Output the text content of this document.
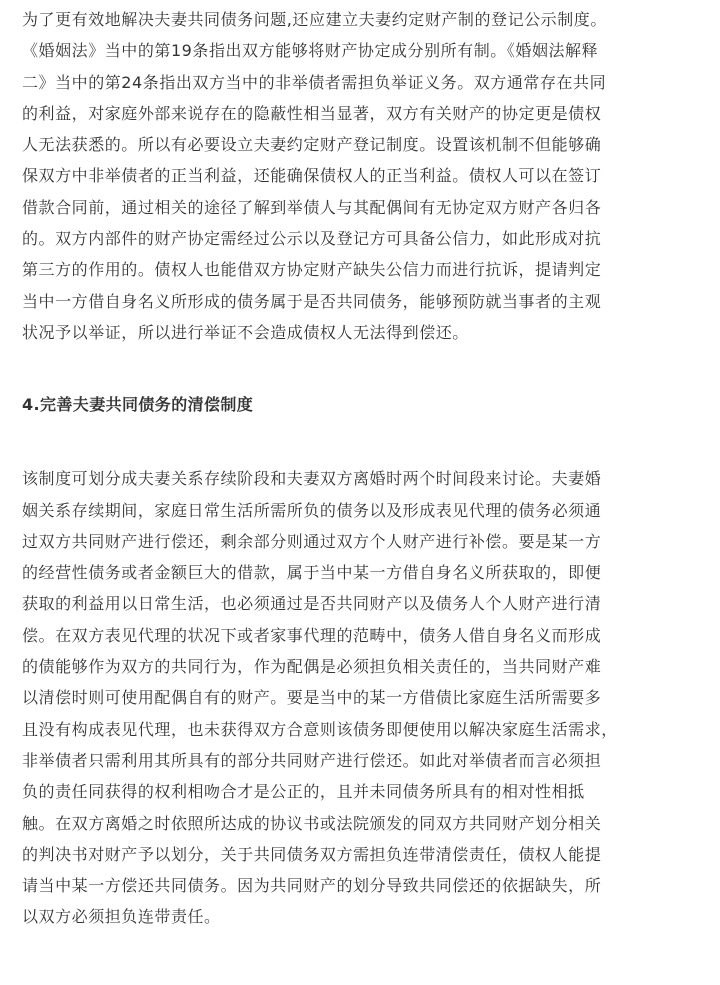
为了更有效地解决夫妻共同债务问题,还应建立夫妻约定财产制的登记公示制度。
《婚姻法》当中的第19条指出双方能够将财产协定成分别所有制。《婚姻法解释
二》当中的第24条指出双方当中的非举债者需担负举证义务。双方通常存在共同
的利益，对家庭外部来说存在的隐蔽性相当显著，双方有关财产的协定更是债权
人无法获悉的。所以有必要设立夫妻约定财产登记制度。设置该机制不但能够确
保双方中非举债者的正当利益，还能确保债权人的正当利益。债权人可以在签订
借款合同前，通过相关的途径了解到举债人与其配偶间有无协定双方财产各归各
的。双方内部件的财产协定需经过公示以及登记方可具备公信力，如此形成对抗
第三方的作用的。债权人也能借双方协定财产缺失公信力而进行抗诉，提请判定
当中一方借自身名义所形成的债务属于是否共同债务，能够预防就当事者的主观
状况予以举证，所以进行举证不会造成债权人无法得到偿还。

4.完善夫妻共同债务的清偿制度

该制度可划分成夫妻关系存续阶段和夫妻双方离婚时两个时间段来讨论。夫妻婚
姻关系存续期间，家庭日常生活所需所负的债务以及形成表见代理的债务必须通
过双方共同财产进行偿还，剩余部分则通过双方个人财产进行补偿。要是某一方
的经营性债务或者金额巨大的借款，属于当中某一方借自身名义所获取的，即便
获取的利益用以日常生活，也必须通过是否共同财产以及债务人个人财产进行清
偿。在双方表见代理的状况下或者家事代理的范畴中，债务人借自身名义而形成
的债能够作为双方的共同行为，作为配偶是必须担负相关责任的，当共同财产难
以清偿时则可使用配偶自有的财产。要是当中的某一方借债比家庭生活所需要多
且没有构成表见代理，也未获得双方合意则该债务即便使用以解决家庭生活需求，
非举债者只需利用其所具有的部分共同财产进行偿还。如此对举债者而言必须担
负的责任同获得的权利相吻合才是公正的，且并未同债务所具有的相对性相抵
触。在双方离婚之时依照所达成的协议书或法院颁发的同双方共同财产划分相关
的判决书对财产予以划分，关于共同债务双方需担负连带清偿责任，债权人能提
请当中某一方偿还共同债务。因为共同财产的划分导致共同偿还的依据缺失，所
以双方必须担负连带责任。
